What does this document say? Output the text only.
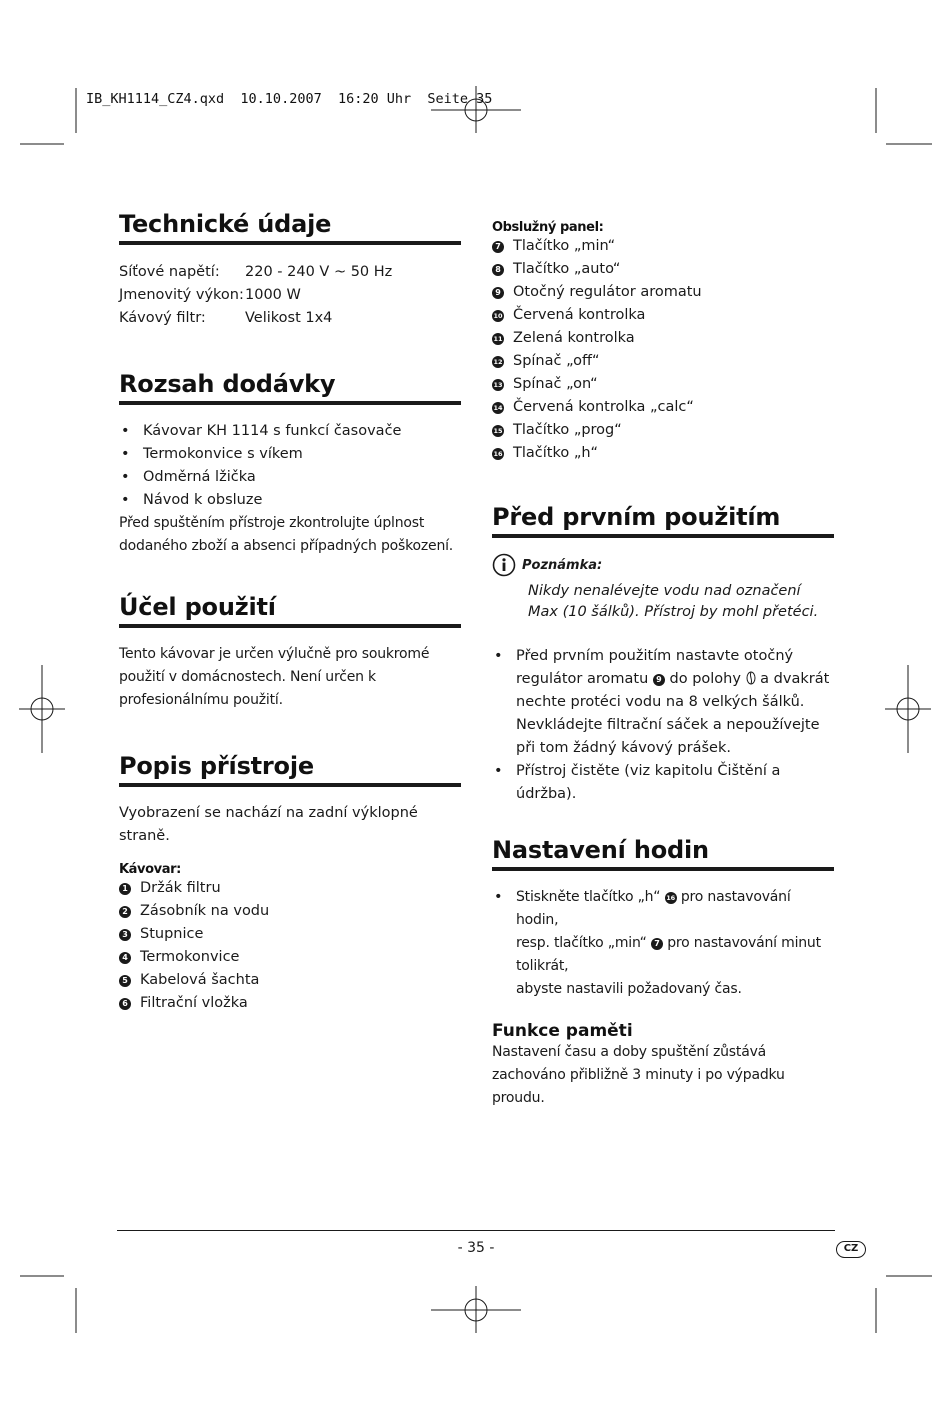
IB_KH1114_CZ4.qxd  10.10.2007  16:20 Uhr  Seite 35
Technické údaje
Síťové napětí:	220 - 240 V ~ 50 Hz
Jmenovitý výkon: 1000 W
Kávový filtr:	Velikost 1x4
Rozsah dodávky
• Kávovar KH 1114 s funkcí časovače
• Termokonvice s víkem
• Odměrná lžička
• Návod k obsluze

Před spuštěním přístroje zkontrolujte úplnost dodaného zboží a absenci případných poškození.

Účel použití

Tento kávovar je určen výlučně pro soukromé použití v domácnostech. Není určen k profesionálnímu použití.

Popis přístroje

Vyobrazení se nachází na zadní výklopné straně.

Kávovar:
1 Držák filtru
2 Zásobník na vodu
3 Stupnice
4 Termokonvice
5 Kabelová šachta
6 Filtrační vložka
Obslužný panel:
7 Tlačítko „min“
8 Tlačítko „auto“
9 Otočný regulátor aromatu
10 Červená kontrolka
11 Zelená kontrolka
12 Spínač „off“
13 Spínač „on“
14 Červená kontrolka „calc“
15 Tlačítko „prog“
16 Tlačítko „h“
Před prvním použitím
Poznámka:

Nikdy nenalévejte vodu nad označení Max (10 šálků). Přístroj by mohl přetéci.

• Před prvním použitím nastavte otočný regulátor aromatu 9 do polohy a dvakrát nechte protéci vodu na 8 velkých šálků. Nevkládejte filtrační sáček a nepoužívejte při tom žádný kávový prášek.
• Přístroj čistěte (viz kapitolu Čištění a údržba).
Nastavení hodin
• Stiskněte tlačítko „h“ 16 pro nastavování hodin,
resp. tlačítko „min“ 7 pro nastavování minut tolikrát,
abyste nastavili požadovaný čas.
Funkce paměti

Nastavení času a doby spuštění zůstává zachováno přibližně 3 minuty i po výpadku proudu.

- 35 -	CZ
